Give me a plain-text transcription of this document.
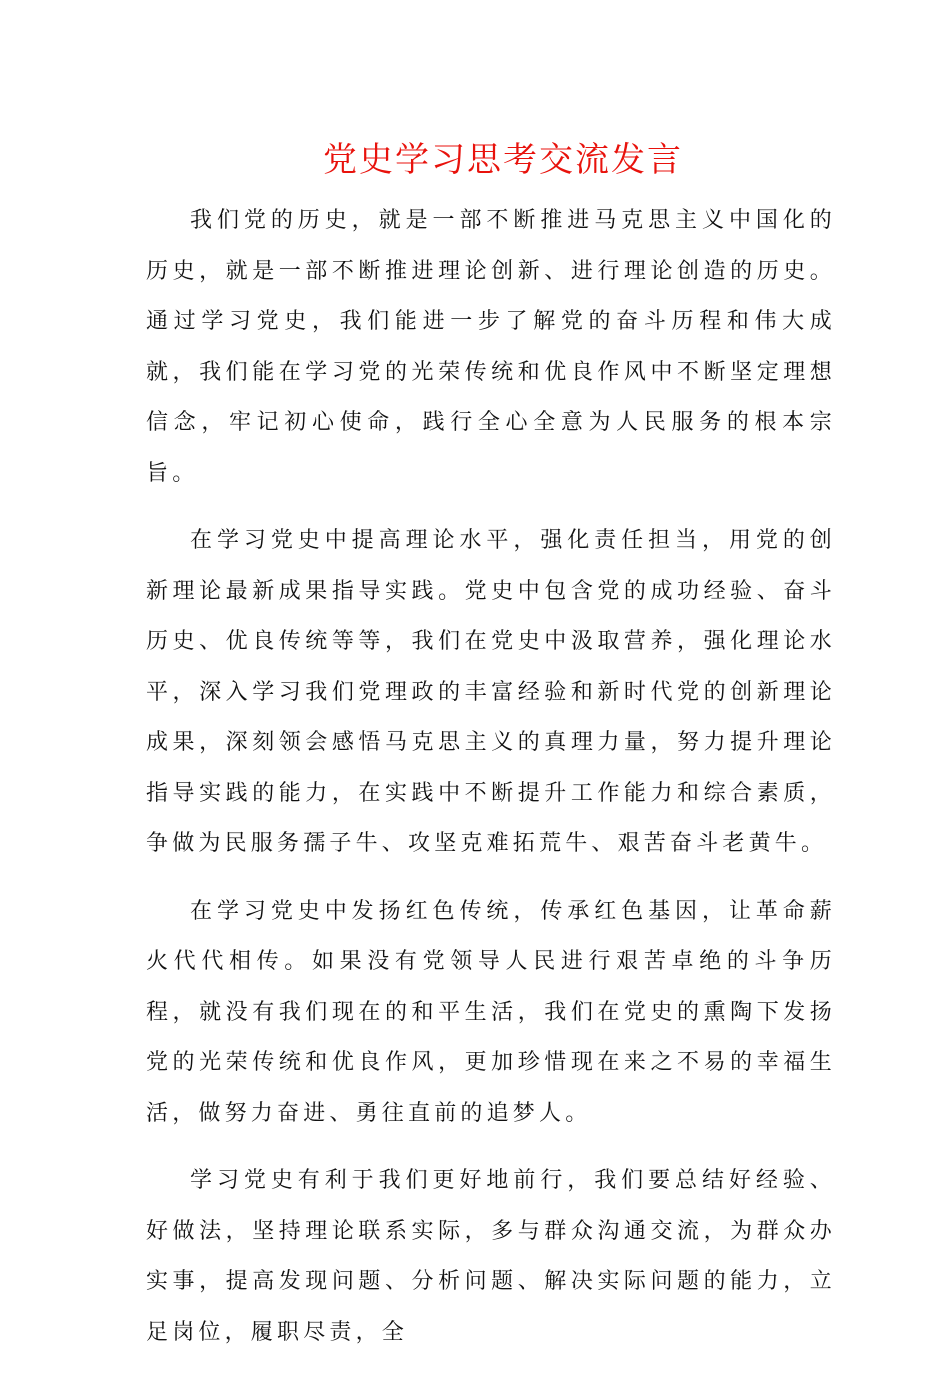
党史学习思考交流发言

我们党的历史，就是一部不断推进马克思主义中国化的历史，就是一部不断推进理论创新、进行理论创造的历史。通过学习党史，我们能进一步了解党的奋斗历程和伟大成就，我们能在学习党的光荣传统和优良作风中不断坚定理想信念，牢记初心使命，践行全心全意为人民服务的根本宗旨。

在学习党史中提高理论水平，强化责任担当，用党的创新理论最新成果指导实践。党史中包含党的成功经验、奋斗历史、优良传统等等，我们在党史中汲取营养，强化理论水平，深入学习我们党理政的丰富经验和新时代党的创新理论成果，深刻领会感悟马克思主义的真理力量，努力提升理论指导实践的能力，在实践中不断提升工作能力和综合素质，争做为民服务孺子牛、攻坚克难拓荒牛、艰苦奋斗老黄牛。

在学习党史中发扬红色传统，传承红色基因，让革命薪火代代相传。如果没有党领导人民进行艰苦卓绝的斗争历程，就没有我们现在的和平生活，我们在党史的熏陶下发扬党的光荣传统和优良作风，更加珍惜现在来之不易的幸福生活，做努力奋进、勇往直前的追梦人。

学习党史有利于我们更好地前行，我们要总结好经验、好做法，坚持理论联系实际，多与群众沟通交流，为群众办实事，提高发现问题、分析问题、解决实际问题的能力，立足岗位，履职尽责，全
